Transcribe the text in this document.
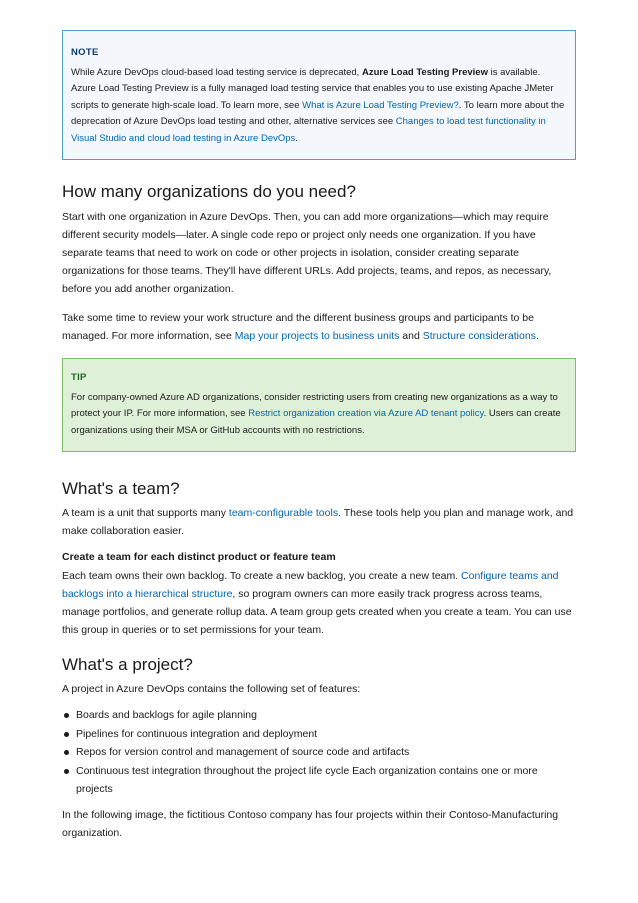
NOTE
While Azure DevOps cloud-based load testing service is deprecated, Azure Load Testing Preview is available. Azure Load Testing Preview is a fully managed load testing service that enables you to use existing Apache JMeter scripts to generate high-scale load. To learn more, see What is Azure Load Testing Preview?. To learn more about the deprecation of Azure DevOps load testing and other, alternative services see Changes to load test functionality in Visual Studio and cloud load testing in Azure DevOps.
How many organizations do you need?

Start with one organization in Azure DevOps. Then, you can add more organizations—which may require different security models—later. A single code repo or project only needs one organization. If you have separate teams that need to work on code or other projects in isolation, consider creating separate organizations for those teams. They'll have different URLs. Add projects, teams, and repos, as necessary, before you add another organization.

Take some time to review your work structure and the different business groups and participants to be managed. For more information, see Map your projects to business units and Structure considerations.

TIP
For company-owned Azure AD organizations, consider restricting users from creating new organizations as a way to protect your IP. For more information, see Restrict organization creation via Azure AD tenant policy. Users can create organizations using their MSA or GitHub accounts with no restrictions.
What's a team?

A team is a unit that supports many team-configurable tools. These tools help you plan and manage work, and make collaboration easier.

Create a team for each distinct product or feature team

Each team owns their own backlog. To create a new backlog, you create a new team. Configure teams and backlogs into a hierarchical structure, so program owners can more easily track progress across teams, manage portfolios, and generate rollup data. A team group gets created when you create a team. You can use this group in queries or to set permissions for your team.

What's a project?

A project in Azure DevOps contains the following set of features:

Boards and backlogs for agile planning
Pipelines for continuous integration and deployment
Repos for version control and management of source code and artifacts
Continuous test integration throughout the project life cycle Each organization contains one or more projects

In the following image, the fictitious Contoso company has four projects within their Contoso-Manufacturing organization.
